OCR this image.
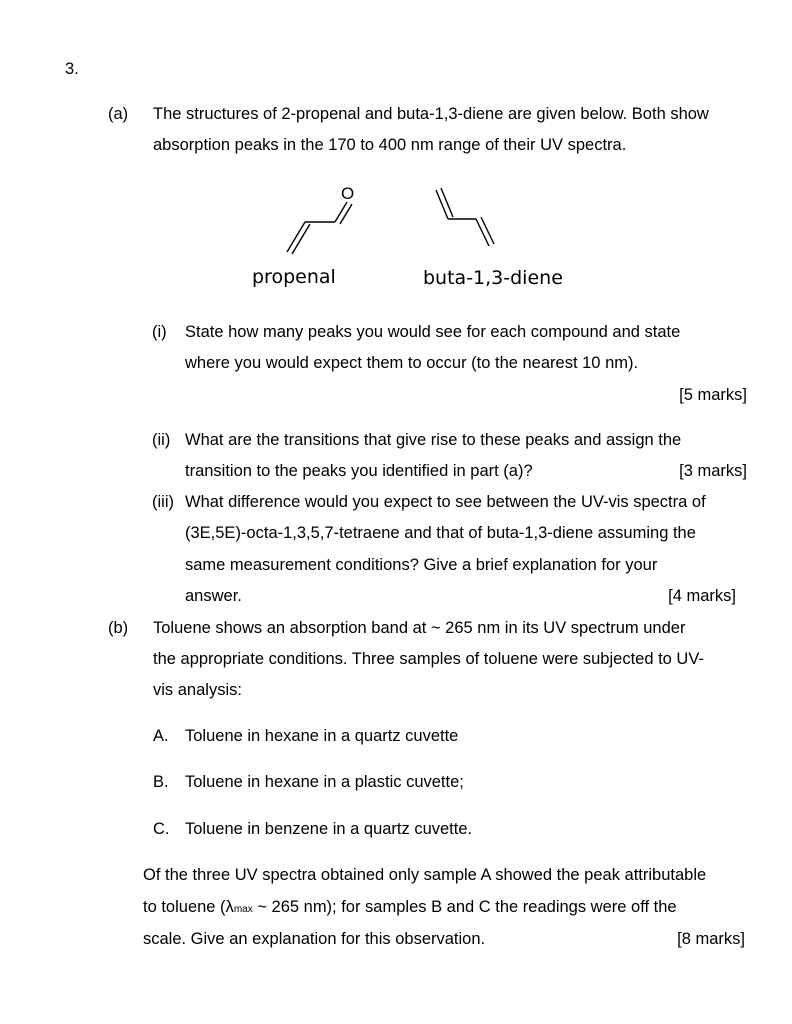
3.
(a) The structures of 2-propenal and buta-1,3-diene are given below. Both show
absorption peaks in the 170 to 400 nm range of their UV spectra.
O
propenal	buta-1,3-diene
(i) State how many peaks you would see for each compound and state
where you would expect them to occur (to the nearest 10 nm).
[5 marks]
(ii) What are the transitions that give rise to these peaks and assign the
transition to the peaks you identified in part (a)?	[3 marks]
(iii) What difference would you expect to see between the UV-vis spectra of
(3E,5E)-octa-1,3,5,7-tetraene and that of buta-1,3-diene assuming the
same measurement conditions? Give a brief explanation for your
answer.	[4 marks]
(b) Toluene shows an absorption band at ~ 265 nm in its UV spectrum under
the appropriate conditions. Three samples of toluene were subjected to UV-
vis analysis:
A. Toluene in hexane in a quartz cuvette
B. Toluene in hexane in a plastic cuvette;
C. Toluene in benzene in a quartz cuvette.
Of the three UV spectra obtained only sample A showed the peak attributable
to toluene (λmax ~ 265 nm); for samples B and C the readings were off the
scale. Give an explanation for this observation.	[8 marks]
